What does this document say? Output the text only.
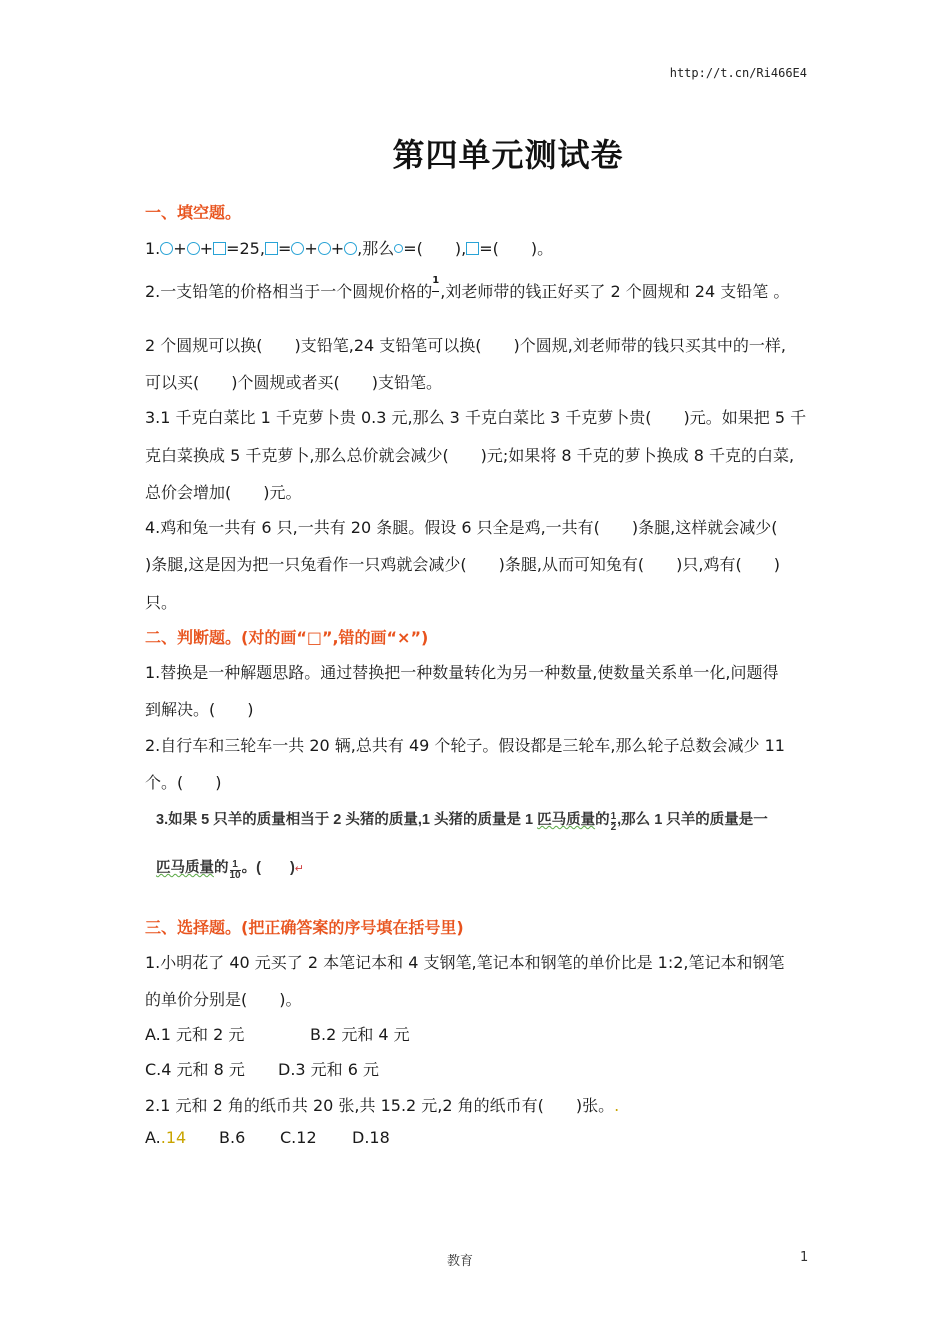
http://t.cn/Ri466E4
第四单元测试卷
一、填空题。
1. + + =25, = + + ,那么 =(　　), =(　　)。
2.一支铅笔的价格相当于一个圆规价格的
1
,刘老师带的钱正好买了 2 个圆规和 24 支铅笔 。
2 个圆规可以换(　　)支铅笔,24 支铅笔可以换(　　)个圆规,刘老师带的钱只买其中的一样,
可以买(　　)个圆规或者买(　　)支铅笔。
3.1 千克白菜比 1 千克萝卜贵 0.3 元,那么 3 千克白菜比 3 千克萝卜贵(　　)元。如果把 5 千
克白菜换成 5 千克萝卜,那么总价就会减少(　　)元;如果将 8 千克的萝卜换成 8 千克的白菜,
总价会增加(　　)元。
4.鸡和兔一共有 6 只,一共有 20 条腿。假设 6 只全是鸡,一共有(　　)条腿,这样就会减少(
)条腿,这是因为把一只兔看作一只鸡就会减少(　　)条腿,从而可知兔有(　　)只,鸡有(　　)
只。
二、判断题。(对的画“□”,错的画“×”)
1.替换是一种解题思路。通过替换把一种数量转化为另一种数量,使数量关系单一化,问题得
到解决。(　　)
2.自行车和三轮车一共 20 辆,总共有 49 个轮子。假设都是三轮车,那么轮子总数会减少 11
个。(　　)
3.如果 5 只羊的质量相当于 2 头猪的质量,1 头猪的质量是 1 匹马质量的 $\frac{1}{2}$ ,那么 1 只羊的质量是一
匹马质量的 $\frac{1}{10}$ 。(　　)↵
三、选择题。(把正确答案的序号填在括号里)
1.小明花了 40 元买了 2 本笔记本和 4 支钢笔,笔记本和钢笔的单价比是 1:2,笔记本和钢笔
的单价分别是(　　)。
A.1 元和 2 元	B.2 元和 4 元
C.4 元和 8 元 D.3 元和 6 元
2.1 元和 2 角的纸币共 20 张,共 15.2 元,2 角的纸币有(　　)张。.
A..14 B.6 C.12 D.18
教育	1
